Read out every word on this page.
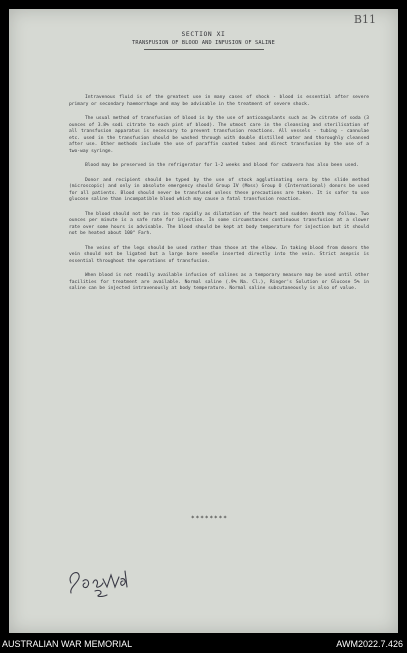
B11
SECTION XI
TRANSFUSION OF BLOOD AND INFUSION OF SALINE

Intravenous fluid is of the greatest use in many cases of shock - blood is essential after severe primary or secondary haemorrhage and may be advisable in the treatment of severe shock.

The usual method of transfusion of blood is by the use of anticoagulants such as 3% citrate of soda (3 ounces of 3.8% sodi citrate to each pint of blood). The utmost care in the cleansing and sterilisation of all transfusion apparatus is necessary to prevent transfusion reactions. All vessels - tubing - cannulae etc. used in the transfusion should be washed through with double distilled water and thoroughly cleansed after use. Other methods include the use of paraffin coated tubes and direct transfusion by the use of a two-way syringe.

Blood may be preserved in the refrigerator for 1-2 weeks and blood for cadavera has also been used.

Donor and recipient should be typed by the use of stock agglutinating sera by the slide method (microscopic) and only in absolute emergency should Group IV (Moss) Group O (International) donors be used for all patients. Blood should never be transfused unless these precautions are taken. It is safer to use glucose saline than incompatible blood which may cause a fatal transfusion reaction.

The blood should not be run in too rapidly as dilatation of the heart and sudden death may follow. Two ounces per minute is a safe rate for injection. In some circumstances continuous transfusion at a slower rate over some hours is advisable. The blood should be kept at body temperature for injection but it should not be heated about 100° Farh.

The veins of the legs should be used rather than those at the elbow. In taking blood from donors the vein should not be ligated but a large bore needle inserted directly into the vein. Strict asepsis is essential throughout the operations of transfusion.

When blood is not readily available infusion of salines as a temporary measure may be used until other facilities for treatment are available. Normal saline (.9% Na. Cl.), Ringer's Solution or Glucose 5% in saline can be injected intravenously at body temperature. Normal saline subcutaneously is also of value.

********
AUSTRALIAN WAR MEMORIAL	AWM2022.7.426
